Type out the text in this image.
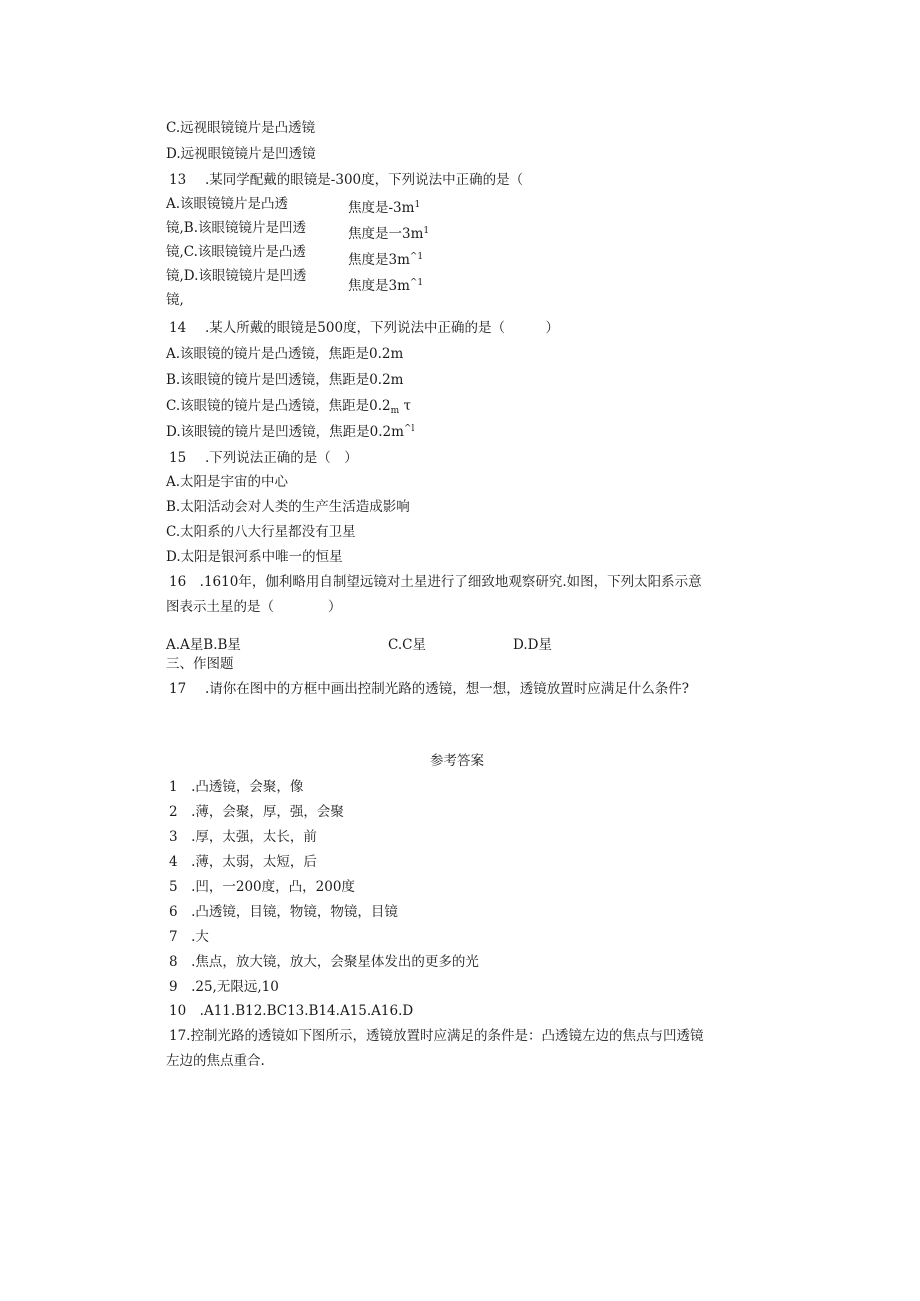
C.远视眼镜镜片是凸透镜
D.远视眼镜镜片是凹透镜
13 .某同学配戴的眼镜是-300度，下列说法中正确的是（
A.该眼镜镜片是凸透
镜,B.该眼镜镜片是凹透
镜,C.该眼镜镜片是凸透
镜,D.该眼镜镜片是凹透
镜,
焦度是$-3m^1$
焦度是一$3m^1$
焦度是$3m^{\^{}1}$
焦度是$3m^{\^{}1}$
14 .某人所戴的眼镜是500度，下列说法中正确的是（　　　）
A.该眼镜的镜片是凸透镜，焦距是0.2m
B.该眼镜的镜片是凹透镜，焦距是0.2m
C.该眼镜的镜片是凸透镜，焦距是$0.2_m$ τ
D.该眼镜的镜片是凹透镜，焦距是$0.2m^{\^{}l}$
15 .下列说法正确的是（　）
A.太阳是宇宙的中心
B.太阳活动会对人类的生产生活造成影响
C.太阳系的八大行星都没有卫星
D.太阳是银河系中唯一的恒星
16　.1610年，伽利略用自制望远镜对土星进行了细致地观察研究.如图，下列太阳系示意
图表示土星的是（　　　　）
A.A星B.B星	C.C星	D.D星
三、作图题
17 .请你在图中的方框中画出控制光路的透镜，想一想，透镜放置时应满足什么条件?
参考答案
1　.凸透镜，会聚，像
2　.薄，会聚，厚，强，会聚
3　.厚，太强，太长，前
4　.薄，太弱，太短，后
5　.凹，一200度，凸，200度
6　.凸透镜，目镜，物镜，物镜，目镜
7　.大
8　.焦点，放大镜，放大，会聚星体发出的更多的光
9　.25,无限远,10
10　.A11.B12.BC13.B14.A15.A16.D
17.控制光路的透镜如下图所示，透镜放置时应满足的条件是：凸透镜左边的焦点与凹透镜
左边的焦点重合.
